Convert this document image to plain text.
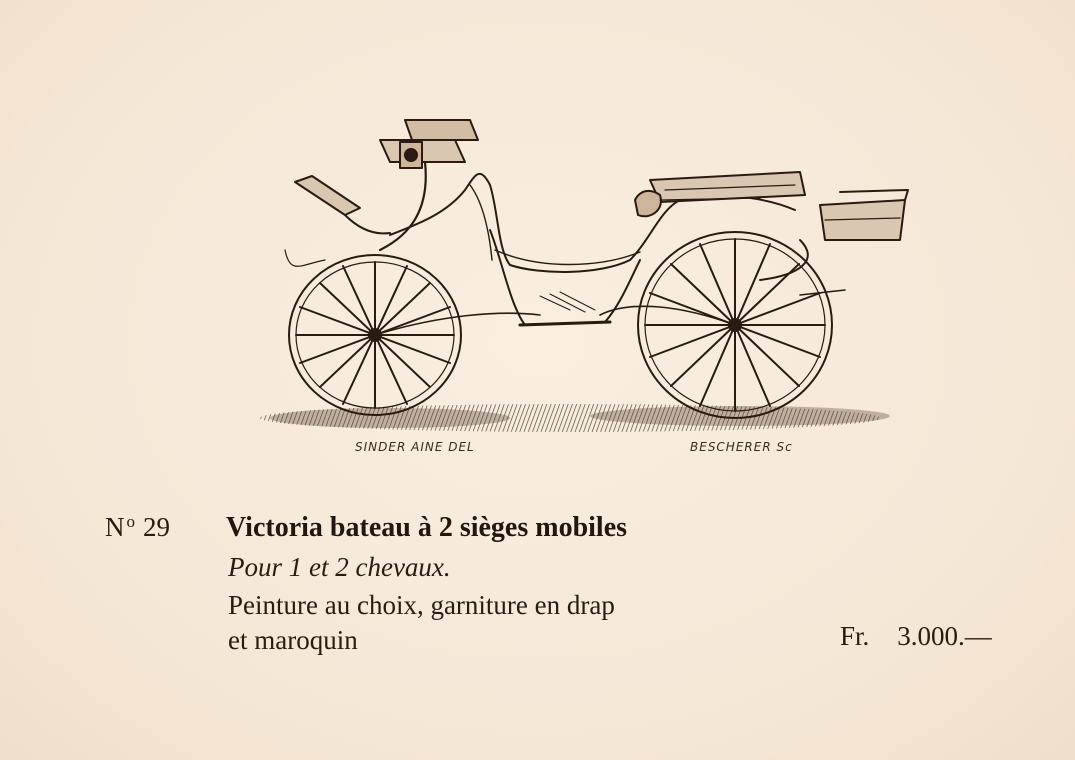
SINDER AINE DEL	BESCHERER Sc
N $^o$ 29 Victoria bateau à 2 sièges mobiles
Pour 1 et 2 chevaux.
Peinture au choix, garniture en drap
et maroquin	Fr. 3.000.—
